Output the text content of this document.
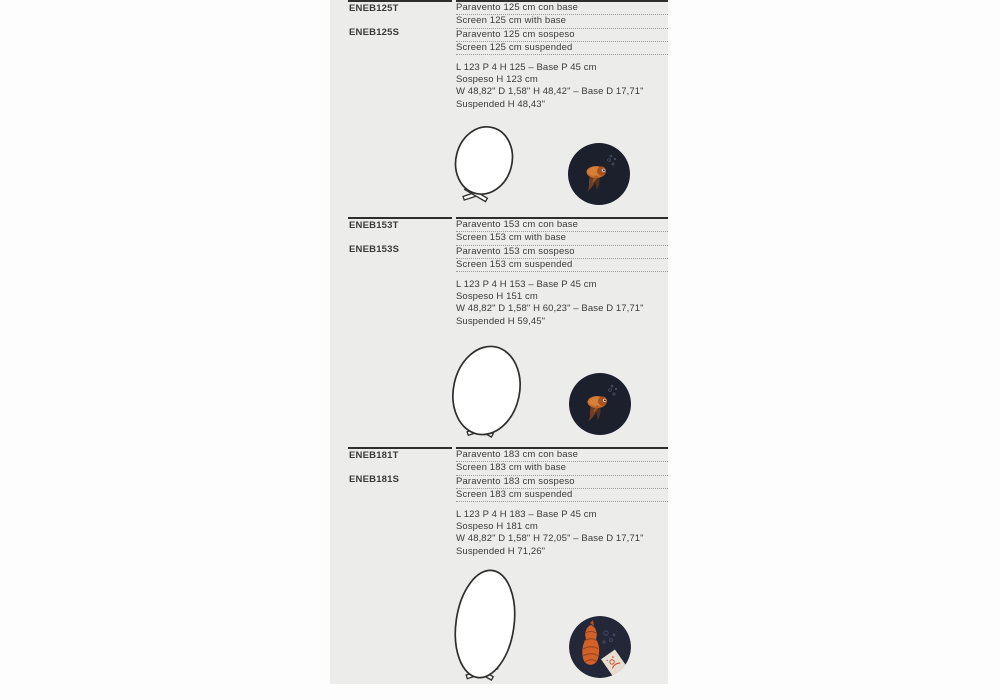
ENEB125T
ENEB125S
Paravento 125 cm con base
Screen 125 cm with base
Paravento 125 cm sospeso
Screen 125 cm suspended
L 123 P 4 H 125 – Base P 45 cm
Sospeso H 123 cm
W 48,82" D 1,58" H 48,42" – Base D 17,71"
Suspended H 48,43"
ENEB153T
ENEB153S
Paravento 153 cm con base
Screen 153 cm with base
Paravento 153 cm sospeso
Screen 153 cm suspended
L 123 P 4 H 153 – Base P 45 cm
Sospeso H 151 cm
W 48,82" D 1,58" H 60,23" – Base D 17,71"
Suspended H 59,45"
ENEB181T
ENEB181S
Paravento 183 cm con base
Screen 183 cm with base
Paravento 183 cm sospeso
Screen 183 cm suspended
L 123 P 4 H 183 – Base P 45 cm
Sospeso H 181 cm
W 48,82" D 1,58" H 72,05" – Base D 17,71"
Suspended H 71,26"
